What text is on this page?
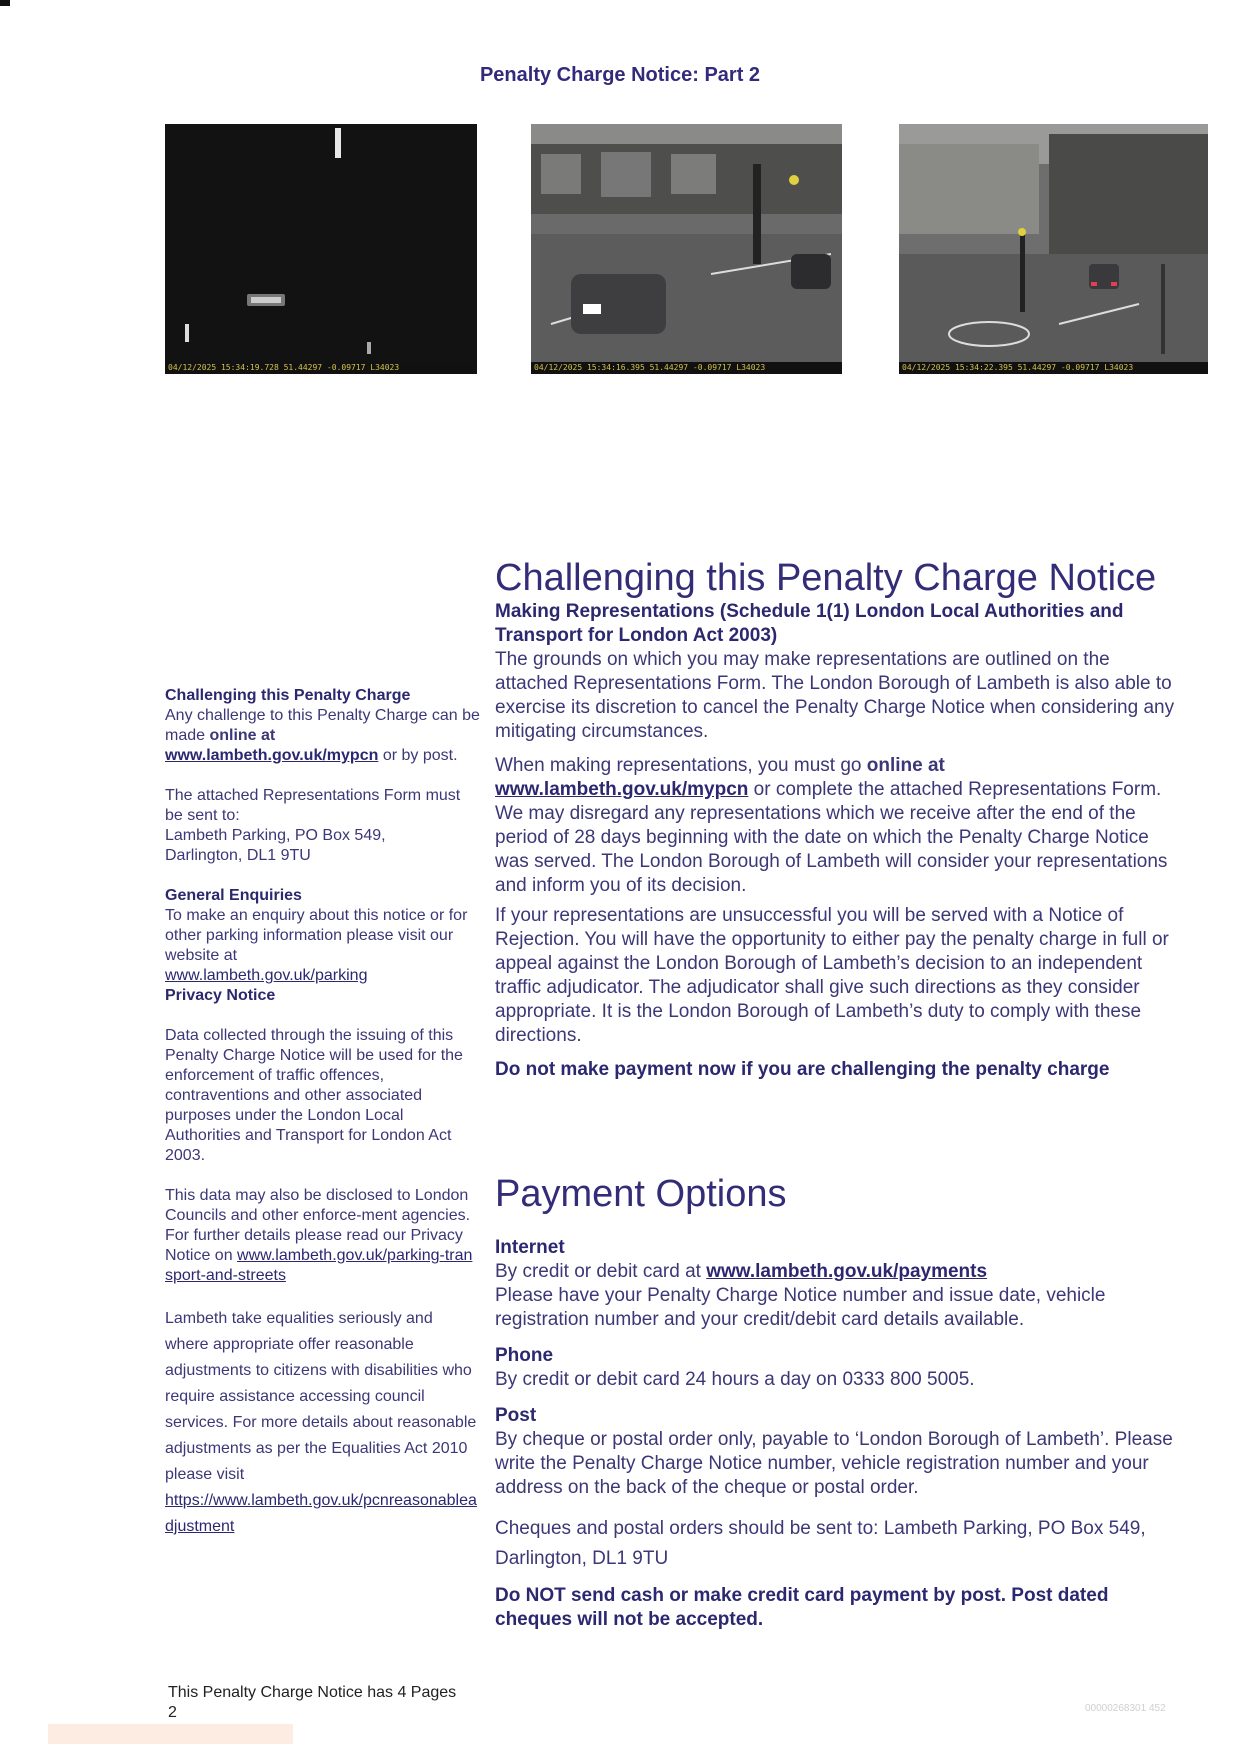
Penalty Charge Notice: Part 2
04/12/2025 15:34:19.728 51.44297 -0.09717 L34023	04/12/2025 15:34:16.395 51.44297 -0.09717 L34023	04/12/2025 15:34:22.395 51.44297 -0.09717 L34023

Challenging this Penalty Charge

Any challenge to this Penalty Charge can be made online at
www.lambeth.gov.uk/mypcn or by post.

The attached Representations Form must be sent to:

Lambeth Parking, PO Box 549,

Darlington, DL1 9TU

General Enquiries

To make an enquiry about this notice or for other parking information please visit our website at

www.lambeth.gov.uk/parking

Privacy Notice

Data collected through the issuing of this Penalty Charge Notice will be used for the enforcement of traffic offences, contraventions and other associated purposes under the London Local Authorities and Transport for London Act 2003.

This data may also be disclosed to London Councils and other enforce-ment agencies.

For further details please read our Privacy Notice on www.lambeth.gov.uk/parking-transport-and-streets

Lambeth take equalities seriously and where appropriate offer reasonable adjustments to citizens with disabilities who require assistance accessing council services. For more details about reasonable adjustments as per the Equalities Act 2010 please visit

https://www.lambeth.gov.uk/pcnreasonableadjustment

Challenging this Penalty Charge Notice

Making Representations (Schedule 1(1) London Local Authorities and Transport for London Act 2003)

The grounds on which you may make representations are outlined on the attached Representations Form. The London Borough of Lambeth is also able to exercise its discretion to cancel the Penalty Charge Notice when considering any mitigating circumstances.

When making representations, you must go online at
www.lambeth.gov.uk/mypcn or complete the attached Representations Form. We may disregard any representations which we receive after the end of the period of 28 days beginning with the date on which the Penalty Charge Notice was served. The London Borough of Lambeth will consider your representations and inform you of its decision.

If your representations are unsuccessful you will be served with a Notice of Rejection. You will have the opportunity to either pay the penalty charge in full or appeal against the London Borough of Lambeth’s decision to an independent traffic adjudicator. The adjudicator shall give such directions as they consider appropriate. It is the London Borough of Lambeth’s duty to comply with these directions.

Do not make payment now if you are challenging the penalty charge

Payment Options

Internet

By credit or debit card at www.lambeth.gov.uk/payments

Please have your Penalty Charge Notice number and issue date, vehicle registration number and your credit/debit card details available.

Phone

By credit or debit card 24 hours a day on 0333 800 5005.

Post

By cheque or postal order only, payable to ‘London Borough of Lambeth’. Please write the Penalty Charge Notice number, vehicle registration number and your address on the back of the cheque or postal order.

Cheques and postal orders should be sent to: Lambeth Parking, PO Box 549, Darlington, DL1 9TU

Do NOT send cash or make credit card payment by post. Post dated cheques will not be accepted.

This Penalty Charge Notice has 4 Pages
2	00000268301 452
